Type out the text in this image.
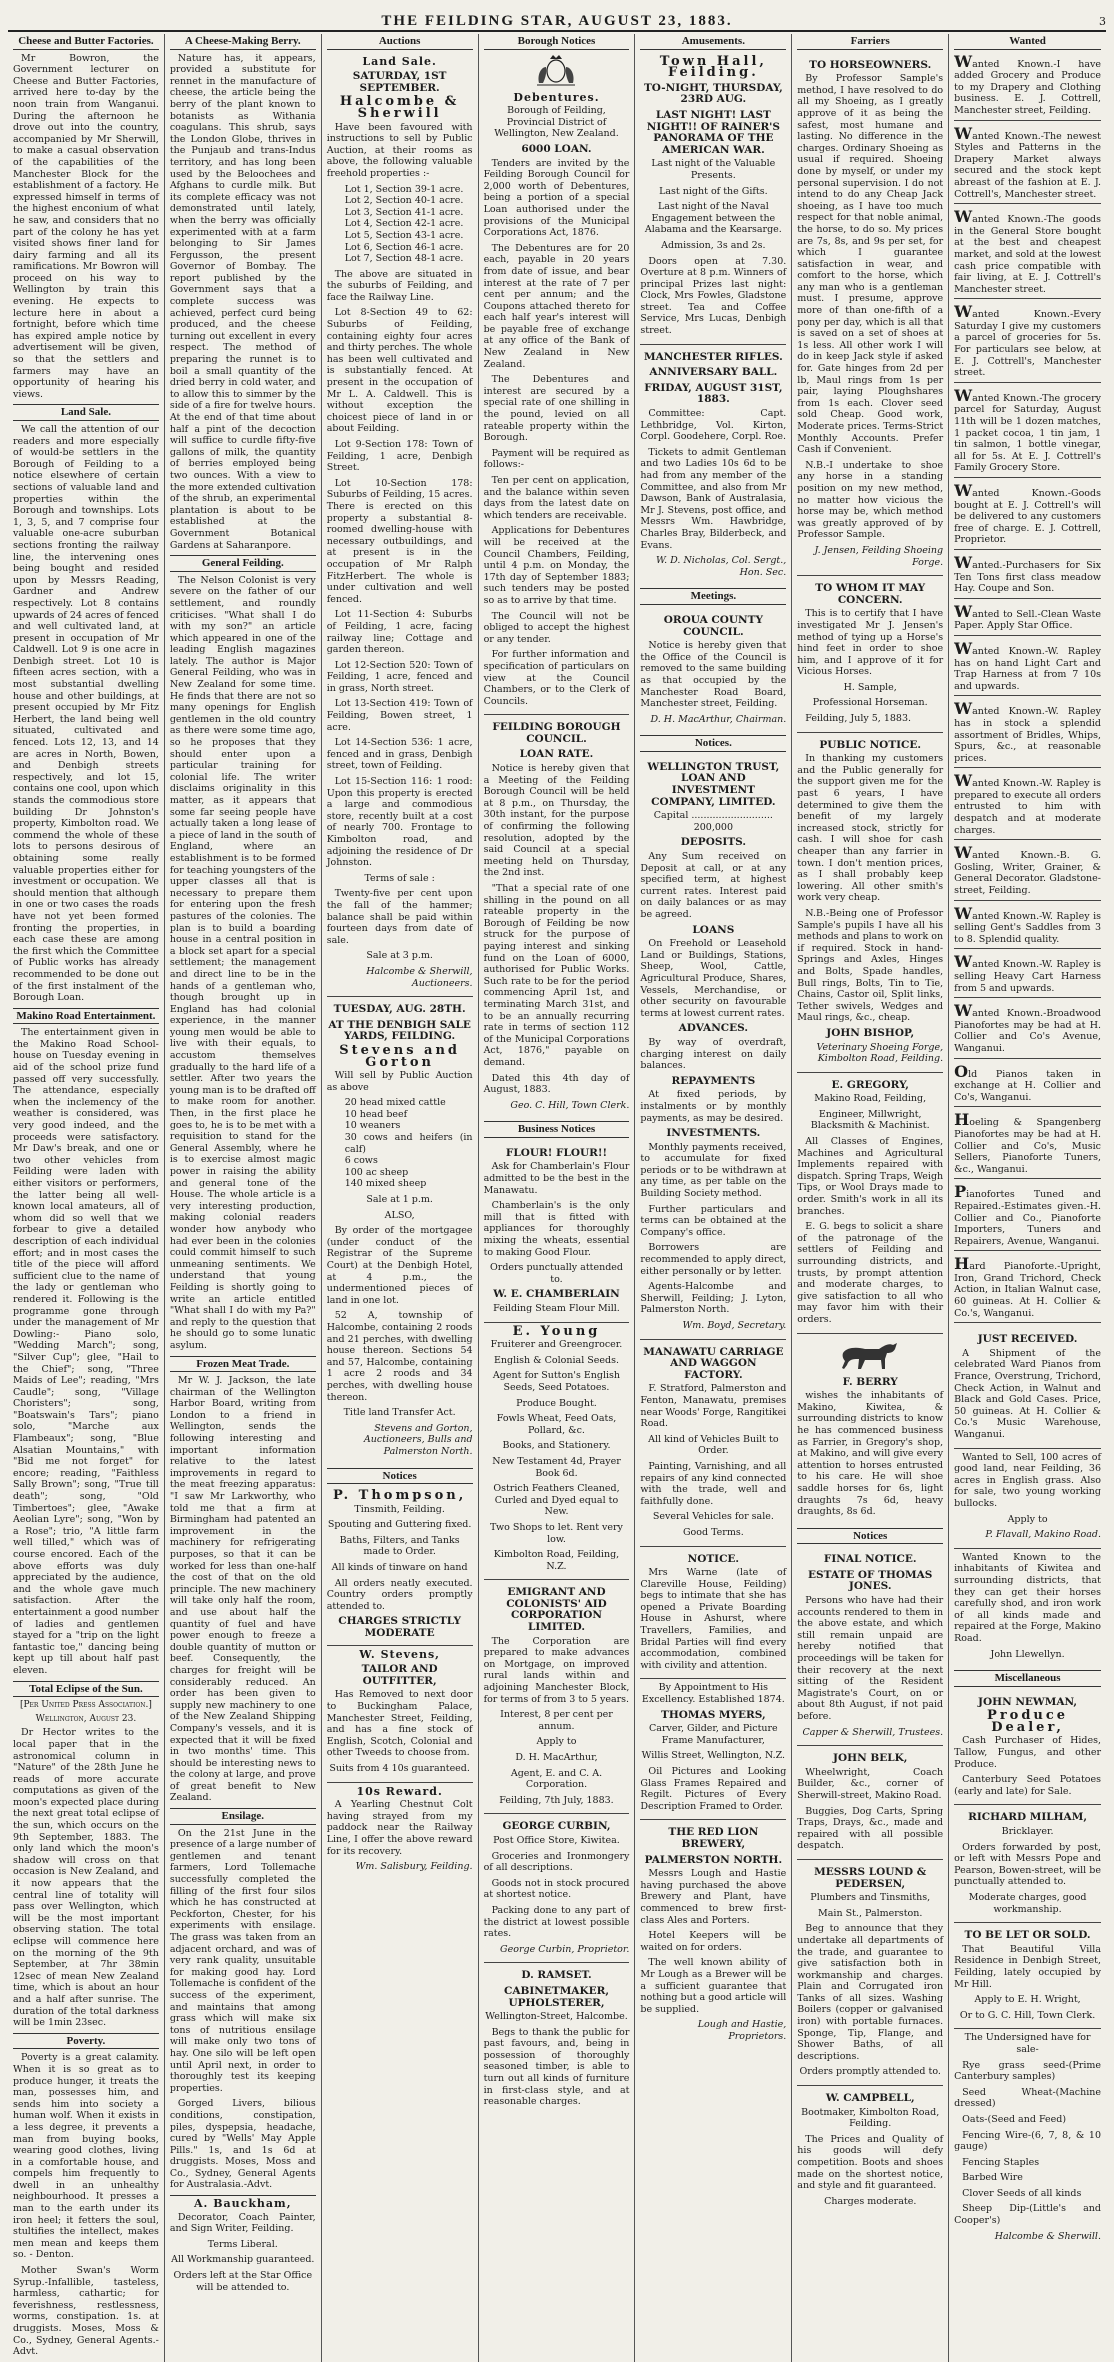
THE FEILDING STAR, AUGUST 23, 1883.	3
Cheese and Butter Factories.

Mr Bowron, the Government lecturer on Cheese and Butter Factories, arrived here to-day by the noon train from Wanganui. During the afternoon he drove out into the country, accompanied by Mr Sherwill, to make a casual observation of the capabilities of the Manchester Block for the establishment of a factory. He expressed himself in terms of the highest enconium of what he saw, and considers that no part of the colony he has yet visited shows finer land for dairy farming and all its ramifications. Mr Bowron will proceed on his way to Wellington by train this evening. He expects to lecture here in about a fortnight, before which time has expired ample notice by advertisement will be given, so that the settlers and farmers may have an opportunity of hearing his views.

Land Sale.

We call the attention of our readers and more especially of would-be settlers in the Borough of Feilding to a notice elsewhere of certain sections of valuable land and properties within the Borough and townships. Lots 1, 3, 5, and 7 comprise four valuable one-acre suburban sections fronting the railway line, the intervening ones being bought and resided upon by Messrs Reading, Gardner and Andrew respectively. Lot 8 contains upwards of 24 acres of fenced and well cultivated land, at present in occupation of Mr Caldwell. Lot 9 is one acre in Denbigh street. Lot 10 is fifteen acres section, with a most substantial dwelling house and other buildings, at present occupied by Mr Fitz Herbert, the land being well situated, cultivated and fenced. Lots 12, 13, and 14 are acres in North, Bowen, and Denbigh streets respectively, and lot 15, contains one cool, upon which stands the commodious store building Dr Johnston's property, Kimbolton road. We commend the whole of these lots to persons desirous of obtaining some really valuable properties either for investment or occupation. We should mention that although in one or two cases the roads have not yet been formed fronting the properties, in each case these are among the first which the Committee of Public works has already recommended to be done out of the first instalment of the Borough Loan.

Makino Road Entertainment.

The entertainment given in the Makino Road School-house on Tuesday evening in aid of the school prize fund passed off very successfully. The attendance, especially when the inclemency of the weather is considered, was very good indeed, and the proceeds were satisfactory. Mr Daw's break, and one or two other vehicles from Feilding were laden with either visitors or performers, the latter being all well-known local amateurs, all of whom did so well that we forbear to give a detailed description of each individual effort; and in most cases the title of the piece will afford sufficient clue to the name of the lady or gentleman who rendered it. Following is the programme gone through under the management of Mr Dowling:- Piano solo, "Wedding March"; song, "Silver Cup"; glee, "Hail to the Chief"; song, "Three Maids of Lee"; reading, "Mrs Caudle"; song, "Village Choristers"; song, "Boatswain's Tars"; piano solo, "Marche aux Flambeaux"; song, "Blue Alsatian Mountains," with "Bid me not forget" for encore; reading, "Faithless Sally Brown"; song, "True till death"; song, "Old Timbertoes"; glee, "Awake Aeolian Lyre"; song, "Won by a Rose"; trio, "A little farm well tilled," which was of course encored. Each of the above efforts was duly appreciated by the audience, and the whole gave much satisfaction. After the entertainment a good number of ladies and gentlemen stayed for a "trip on the light fantastic toe," dancing being kept up till about half past eleven.

Total Eclipse of the Sun.
[Per United Press Association.]
Wellington, August 23.

Dr Hector writes to the local paper that in the astronomical column in "Nature" of the 28th June he reads of more accurate computations as given of the moon's expected place during the next great total eclipse of the sun, which occurs on the 9th September, 1883. The only land which the moon's shadow will cross on that occasion is New Zealand, and it now appears that the central line of totality will pass over Wellington, which will be the most important observing station. The total eclipse will commence here on the morning of the 9th September, at 7hr 38min 12sec of mean New Zealand time, which is about an hour and a half after sunrise. The duration of the total darkness will be 1min 23sec.

Poverty.

Poverty is a great calamity. When it is so great as to produce hunger, it treats the man, possesses him, and sends him into society a human wolf. When it exists in a less degree, it prevents a man from buying books, wearing good clothes, living in a comfortable house, and compels him frequently to dwell in an unhealthy neighbourhood. It presses a man to the earth under its iron heel; it fetters the soul, stultifies the intellect, makes men mean and keeps them so. - Denton.

Mother Swan's Worm Syrup.-Infallible, tasteless, harmless, cathartic; for feverishness, restlessness, worms, constipation. 1s. at druggists. Moses, Moss & Co., Sydney, General Agents.-Advt.

A Cheese-Making Berry.

Nature has, it appears, provided a substitute for rennet in the manufacture of cheese, the article being the berry of the plant known to botanists as Withania coagulans. This shrub, says the London Globe, thrives in the Punjaub and trans-Indus territory, and has long been used by the Beloochees and Afghans to curdle milk. But its complete efficacy was not demonstrated until lately, when the berry was officially experimented with at a farm belonging to Sir James Fergusson, the present Governor of Bombay. The report published by the Government says that a complete success was achieved, perfect curd being produced, and the cheese turning out excellent in every respect. The method of preparing the runnet is to boil a small quantity of the dried berry in cold water, and to allow this to simmer by the side of a fire for twelve hours. At the end of that time about half a pint of the decoction will suffice to curdle fifty-five gallons of milk, the quantity of berries employed being two ounces. With a view to the more extended cultivation of the shrub, an experimental plantation is about to be established at the Government Botanical Gardens at Saharanpore.

General Feilding.

The Nelson Colonist is very severe on the father of our settlement, and roundly criticises. "What shall I do with my son?" an article which appeared in one of the leading English magazines lately. The author is Major General Feilding, who was in New Zealand for some time. He finds that there are not so many openings for English gentlemen in the old country as there were some time ago, so he proposes that they should enter upon a particular training for colonial life. The writer disclaims originality in this matter, as it appears that some far seeing people have actually taken a long lease of a piece of land in the south of England, where an establishment is to be formed for teaching youngsters of the upper classes all that is necessary to prepare them for entering upon the fresh pastures of the colonies. The plan is to build a boarding house in a central position in a block set apart for a special settlement; the management and direct line to be in the hands of a gentleman who, though brought up in England has had colonial experience, in the manner young men would be able to live with their equals, to accustom themselves gradually to the hard life of a settler. After two years the young man is to be drafted off to make room for another. Then, in the first place he goes to, he is to be met with a requisition to stand for the General Assembly, where he is to exercise almost magic power in raising the ability and general tone of the House. The whole article is a very interesting production, making colonial readers wonder how anybody who had ever been in the colonies could commit himself to such unmeaning sentiments. We understand that young Feilding is shortly going to write an article entitled "What shall I do with my Pa?" and reply to the question that he should go to some lunatic asylum.

Frozen Meat Trade.

Mr W. J. Jackson, the late chairman of the Wellington Harbor Board, writing from London to a friend in Wellington, sends the following interesting and important information relative to the latest improvements in regard to the meat freezing apparatus: "I saw Mr Larkworthy, who told me that a firm at Birmingham had patented an improvement in the machinery for refrigerating purposes, so that it can be worked for less than one-half the cost of that on the old principle. The new machinery will take only half the room, and use about half the quantity of fuel and have power enough to freeze a double quantity of mutton or beef. Consequently, the charges for freight will be considerably reduced. An order has been given to supply new machinery to one of the New Zealand Shipping Company's vessels, and it is expected that it will be fixed in two months' time. This should be interesting news to the colony at large, and prove of great benefit to New Zealand.

Ensilage.

On the 21st June in the presence of a large number of gentlemen and tenant farmers, Lord Tollemache successfully completed the filling of the first four silos which he has constructed at Peckforton, Chester, for his experiments with ensilage. The grass was taken from an adjacent orchard, and was of very rank quality, unsuitable for making good hay. Lord Tollemache is confident of the success of the experiment, and maintains that among grass which will make six tons of nutritious ensilage will make only two tons of hay. One silo will be left open until April next, in order to thoroughly test its keeping properties.

Gorged Livers, bilious conditions, constipation, piles, dyspepsia, headache, cured by "Wells' May Apple Pills." 1s, and 1s 6d at druggists. Moses, Moss and Co., Sydney, General Agents for Australasia.-Advt.

A. Bauckham,

Decorator, Coach Painter, and Sign Writer, Feilding.

Terms Liberal.

All Workmanship guaranteed.

Orders left at the Star Office will be attended to.

Auctions
Land Sale.
SATURDAY, 1ST SEPTEMBER.
Halcombe & Sherwill

Have been favoured with instructions to sell by Public Auction, at their rooms as above, the following valuable freehold properties :-

Lot 1, Section 39-1 acre.
Lot 2, Section 40-1 acre.
Lot 3, Section 41-1 acre.
Lot 4, Section 42-1 acre.
Lot 5, Section 43-1 acre.
Lot 6, Section 46-1 acre.
Lot 7, Section 48-1 acre.

The above are situated in the suburbs of Feilding, and face the Railway Line.

Lot 8-Section 49 to 62: Suburbs of Feilding, containing eighty four acres and thirty perches. The whole has been well cultivated and is substantially fenced. At present in the occupation of Mr L. A. Caldwell. This is without exception the choicest piece of land in or about Feilding.

Lot 9-Section 178: Town of Feilding, 1 acre, Denbigh Street.

Lot 10-Section 178: Suburbs of Feilding, 15 acres. There is erected on this property a substantial 8-roomed dwelling-house with necessary outbuildings, and at present is in the occupation of Mr Ralph FitzHerbert. The whole is under cultivation and well fenced.

Lot 11-Section 4: Suburbs of Feilding, 1 acre, facing railway line; Cottage and garden thereon.

Lot 12-Section 520: Town of Feilding, 1 acre, fenced and in grass, North street.

Lot 13-Section 419: Town of Feilding, Bowen street, 1 acre.

Lot 14-Section 536: 1 acre, fenced and in grass, Denbigh street, town of Feilding.

Lot 15-Section 116: 1 rood: Upon this property is erected a large and commodious store, recently built at a cost of nearly 700. Frontage to Kimbolton road, and adjoining the residence of Dr Johnston.

Terms of sale :

Twenty-five per cent upon the fall of the hammer; balance shall be paid within fourteen days from date of sale.

Sale at 3 p.m.

Halcombe & Sherwill, Auctioneers.

TUESDAY, AUG. 28TH.
AT THE DENBIGH SALE YARDS, FEILDING.
Stevens and Gorton

Will sell by Public Auction as above

20 head mixed cattle
10 head beef
10 weaners
30 cows and heifers (in calf)
6 cows
100 ac sheep
140 mixed sheep

Sale at 1 p.m.

ALSO,

By order of the mortgagee (under conduct of the Registrar of the Supreme Court) at the Denbigh Hotel, at 4 p.m., the undermentioned pieces of land in one lot.

52 A, township of Halcombe, containing 2 roods and 21 perches, with dwelling house thereon. Sections 54 and 57, Halcombe, containing 1 acre 2 roods and 34 perches, with dwelling house thereon.

Title land Transfer Act.

Stevens and Gorton, Auctioneers, Bulls and Palmerston North.

Notices
P. Thompson,

Tinsmith, Feilding.

Spouting and Guttering fixed.

Baths, Filters, and Tanks made to Order.

All kinds of tinware on hand

All orders neatly executed. Country orders promptly attended to.

CHARGES STRICTLY MODERATE
W. Stevens,
TAILOR AND OUTFITTER,

Has Removed to next door to Buckingham Palace, Manchester Street, Feilding, and has a fine stock of English, Scotch, Colonial and other Tweeds to choose from.

Suits from 4 10s guaranteed.

10s Reward.

A Yearling Chestnut Colt having strayed from my paddock near the Railway Line, I offer the above reward for its recovery.

Wm. Salisbury, Feilding.

Borough Notices
Debentures.

Borough of Feilding, Provincial District of Wellington, New Zealand.

6000 LOAN.

Tenders are invited by the Feilding Borough Council for 2,000 worth of Debentures, being a portion of a special Loan authorised under the provisions of the Municipal Corporations Act, 1876.

The Debentures are for 20 each, payable in 20 years from date of issue, and bear interest at the rate of 7 per cent per annum; and the Coupons attached thereto for each half year's interest will be payable free of exchange at any office of the Bank of New Zealand in New Zealand.

The Debentures and interest are secured by a special rate of one shilling in the pound, levied on all rateable property within the Borough.

Payment will be required as follows:-

Ten per cent on application, and the balance within seven days from the latest date on which tenders are receivable.

Applications for Debentures will be received at the Council Chambers, Feilding, until 4 p.m. on Monday, the 17th day of September 1883; such tenders may be posted so as to arrive by that time.

The Council will not be obliged to accept the highest or any tender.

For further information and specification of particulars on view at the Council Chambers, or to the Clerk of Councils.

FEILDING BOROUGH COUNCIL.
LOAN RATE.

Notice is hereby given that a Meeting of the Feilding Borough Council will be held at 8 p.m., on Thursday, the 30th instant, for the purpose of confirming the following resolution, adopted by the said Council at a special meeting held on Thursday, the 2nd inst.

"That a special rate of one shilling in the pound on all rateable property in the Borough of Feilding be now struck for the purpose of paying interest and sinking fund on the Loan of 6000, authorised for Public Works. Such rate to be for the period commencing April 1st, and terminating March 31st, and to be an annually recurring rate in terms of section 112 of the Municipal Corporations Act, 1876," payable on demand.

Dated this 4th day of August, 1883.

Geo. C. Hill, Town Clerk.

Business Notices
FLOUR! FLOUR!!

Ask for Chamberlain's Flour admitted to be the best in the Manawatu.

Chamberlain's is the only mill that is fitted with appliances for thoroughly mixing the wheats, essential to making Good Flour.

Orders punctually attended to.

W. E. CHAMBERLAIN

Feilding Steam Flour Mill.

E. Young

Fruiterer and Greengrocer.

English & Colonial Seeds.

Agent for Sutton's English Seeds, Seed Potatoes.

Produce Bought.

Fowls Wheat, Feed Oats, Pollard, &c.

Books, and Stationery.

New Testament 4d, Prayer Book 6d.

Ostrich Feathers Cleaned, Curled and Dyed equal to New.

Two Shops to let. Rent very low.

Kimbolton Road, Feilding, N.Z.

EMIGRANT AND COLONISTS' AID CORPORATION LIMITED.

The Corporation are prepared to make advances on Mortgage, on improved rural lands within and adjoining Manchester Block, for terms of from 3 to 5 years.

Interest, 8 per cent per annum.

Apply to

D. H. MacArthur,

Agent, E. and C. A. Corporation.

Feilding, 7th July, 1883.

GEORGE CURBIN,

Post Office Store, Kiwitea.

Groceries and Ironmongery of all descriptions.

Goods not in stock procured at shortest notice.

Packing done to any part of the district at lowest possible rates.

George Curbin, Proprietor.

D. RAMSET.
CABINETMAKER, UPHOLSTERER,

Wellington-Street, Halcombe.

Begs to thank the public for past favours, and, being in possession of thoroughly seasoned timber, is able to turn out all kinds of furniture in first-class style, and at reasonable charges.

Amusements.
Town Hall, Feilding.
TO-NIGHT, THURSDAY, 23RD AUG.
LAST NIGHT! LAST NIGHT!! OF RAINER'S PANORAMA OF THE AMERICAN WAR.

Last night of the Valuable Presents.

Last night of the Gifts.

Last night of the Naval Engagement between the Alabama and the Kearsarge.

Admission, 3s and 2s.

Doors open at 7.30. Overture at 8 p.m. Winners of principal Prizes last night: Clock, Mrs Fowles, Gladstone street. Tea and Coffee Service, Mrs Lucas, Denbigh street.

MANCHESTER RIFLES.
ANNIVERSARY BALL.
FRIDAY, AUGUST 31ST, 1883.

Committee: Capt. Lethbridge, Vol. Kirton, Corpl. Goodehere, Corpl. Roe.

Tickets to admit Gentleman and two Ladies 10s 6d to be had from any member of the Committee, and also from Mr Dawson, Bank of Australasia, Mr J. Stevens, post office, and Messrs Wm. Hawbridge, Charles Bray, Bilderbeck, and Evans.

W. D. Nicholas, Col. Sergt., Hon. Sec.

Meetings.
OROUA COUNTY COUNCIL.

Notice is hereby given that the Office of the Council is removed to the same building as that occupied by the Manchester Road Board, Manchester street, Feilding.

D. H. MacArthur, Chairman.

Notices.
WELLINGTON TRUST, LOAN AND INVESTMENT COMPANY, LIMITED.

Capital ........................... 200,000

DEPOSITS.

Any Sum received on Deposit at call, or at any specified term, at highest current rates. Interest paid on daily balances or as may be agreed.

LOANS

On Freehold or Leasehold Land or Buildings, Stations, Sheep, Wool, Cattle, Agricultural Produce, Shares, Vessels, Merchandise, or other security on favourable terms at lowest current rates.

ADVANCES.

By way of overdraft, charging interest on daily balances.

REPAYMENTS

At fixed periods, by instalments or by monthly payments, as may be desired.

INVESTMENTS.

Monthly payments received, to accumulate for fixed periods or to be withdrawn at any time, as per table on the Building Society method.

Further particulars and terms can be obtained at the Company's office.

Borrowers are recommended to apply direct, either personally or by letter.

Agents-Halcombe and Sherwill, Feilding; J. Lyton, Palmerston North.

Wm. Boyd, Secretary.

MANAWATU CARRIAGE AND WAGGON FACTORY.

F. Stratford, Palmerston and Fenton, Manawatu, premises near Woods' Forge, Rangitikei Road.

All kind of Vehicles Built to Order.

Painting, Varnishing, and all repairs of any kind connected with the trade, well and faithfully done.

Several Vehicles for sale.

Good Terms.

NOTICE.

Mrs Warne (late of Clareville House, Feilding) begs to intimate that she has opened a Private Boarding House in Ashurst, where Travellers, Families, and Bridal Parties will find every accommodation, combined with civility and attention.

By Appointment to His Excellency. Established 1874.

THOMAS MYERS,

Carver, Gilder, and Picture Frame Manufacturer,

Willis Street, Wellington, N.Z.

Oil Pictures and Looking Glass Frames Repaired and Regilt. Pictures of Every Description Framed to Order.

THE RED LION BREWERY,
PALMERSTON NORTH.

Messrs Lough and Hastie having purchased the above Brewery and Plant, have commenced to brew first-class Ales and Porters.

Hotel Keepers will be waited on for orders.

The well known ability of Mr Lough as a Brewer will be a sufficient guarantee that nothing but a good article will be supplied.

Lough and Hastie, Proprietors.

Farriers
TO HORSEOWNERS.

By Professor Sample's method, I have resolved to do all my Shoeing, as I greatly approve of it as being the safest, most humane and lasting. No difference in the charges. Ordinary Shoeing as usual if required. Shoeing done by myself, or under my personal supervision. I do not intend to do any Cheap Jack shoeing, as I have too much respect for that noble animal, the horse, to do so. My prices are 7s, 8s, and 9s per set, for which I guarantee satisfaction in wear, and comfort to the horse, which any man who is a gentleman must. I presume, approve more of than one-fifth of a pony per day, which is all that is saved on a set of shoes at 1s less. All other work I will do in keep Jack style if asked for. Gate hinges from 2d per lb, Maul rings from 1s per pair, laying Ploughshares from 1s each. Clover seed sold Cheap. Good work, Moderate prices. Terms-Strict Monthly Accounts. Prefer Cash if Convenient.

N.B.-I undertake to shoe any horse in a standing position on my new method, no matter how vicious the horse may be, which method was greatly approved of by Professor Sample.

J. Jensen, Feilding Shoeing Forge.

TO WHOM IT MAY CONCERN.

This is to certify that I have investigated Mr J. Jensen's method of tying up a Horse's hind feet in order to shoe him, and I approve of it for Vicious Horses.

H. Sample,

Professional Horseman.

Feilding, July 5, 1883.

PUBLIC NOTICE.

In thanking my customers and the Public generally for the support given me for the past 6 years, I have determined to give them the benefit of my largely increased stock, strictly for cash. I will shoe for cash cheaper than any farrier in town. I don't mention prices, as I shall probably keep lowering. All other smith's work very cheap.

N.B.-Being one of Professor Sample's pupils I have all his methods and plans to work on if required. Stock in hand-Springs and Axles, Hinges and Bolts, Spade handles, Bull rings, Bolts, Tin to Tie, Chains, Castor oil, Split links, Tether swivels, Wedges and Maul rings, &c., cheap.

JOHN BISHOP,

Veterinary Shoeing Forge, Kimbolton Road, Feilding.

E. GREGORY,

Makino Road, Feilding,

Engineer, Millwright, Blacksmith & Machinist.

All Classes of Engines, Machines and Agricultural Implements repaired with dispatch. Spring Traps, Weigh Tips, or Wool Drays made to order. Smith's work in all its branches.

E. G. begs to solicit a share of the patronage of the settlers of Feilding and surrounding districts, and trusts, by prompt attention and moderate charges, to give satisfaction to all who may favor him with their orders.

F. BERRY

wishes the inhabitants of Makino, Kiwitea, & surrounding districts to know he has commenced business as Farrier, in Gregory's shop, at Makino, and will give every attention to horses entrusted to his care. He will shoe saddle horses for 6s, light draughts 7s 6d, heavy draughts, 8s 6d.

Notices
FINAL NOTICE.
ESTATE OF THOMAS JONES.

Persons who have had their accounts rendered to them in the above estate, and which still remain unpaid are hereby notified that proceedings will be taken for their recovery at the next sitting of the Resident Magistrate's Court, on or about 8th August, if not paid before.

Capper & Sherwill, Trustees.

JOHN BELK,

Wheelwright, Coach Builder, &c., corner of Sherwill-street, Makino Road.

Buggies, Dog Carts, Spring Traps, Drays, &c., made and repaired with all possible despatch.

MESSRS LOUND & PEDERSEN,

Plumbers and Tinsmiths,

Main St., Palmerston.

Beg to announce that they undertake all departments of the trade, and guarantee to give satisfaction both in workmanship and charges. Plain and Corrugated iron Tanks of all sizes. Washing Boilers (copper or galvanised iron) with portable furnaces. Sponge, Tip, Flange, and Shower Baths, of all descriptions.

Orders promptly attended to.

W. CAMPBELL,

Bootmaker, Kimbolton Road, Feilding.

The Prices and Quality of his goods will defy competition. Boots and shoes made on the shortest notice, and style and fit guaranteed.

Charges moderate.

Wanted

Wanted Known.-I have added Grocery and Produce to my Drapery and Clothing business. E. J. Cottrell, Manchester street, Feilding.

Wanted Known.-The newest Styles and Patterns in the Drapery Market always secured and the stock kept abreast of the fashion at E. J. Cottrell's, Manchester street.

Wanted Known.-The goods in the General Store bought at the best and cheapest market, and sold at the lowest cash price compatible with fair living, at E. J. Cottrell's Manchester street.

Wanted Known.-Every Saturday I give my customers a parcel of groceries for 5s. For particulars see below, at E. J. Cottrell's, Manchester street.

Wanted Known.-The grocery parcel for Saturday, August 11th will be 1 dozen matches, 1 packet cocoa, 1 tin jam, 1 tin salmon, 1 bottle vinegar, all for 5s. At E. J. Cottrell's Family Grocery Store.

Wanted Known.-Goods bought at E. J. Cottrell's will be delivered to any customers free of charge. E. J. Cottrell, Proprietor.

Wanted.-Purchasers for Six Ten Tons first class meadow Hay. Coupe and Son.

Wanted to Sell.-Clean Waste Paper. Apply Star Office.

Wanted Known.-W. Rapley has on hand Light Cart and Trap Harness at from 7 10s and upwards.

Wanted Known.-W. Rapley has in stock a splendid assortment of Bridles, Whips, Spurs, &c., at reasonable prices.

Wanted Known.-W. Rapley is prepared to execute all orders entrusted to him with despatch and at moderate charges.

Wanted Known.-B. G. Gosling, Writer, Grainer, & General Decorator. Gladstone-street, Feilding.

Wanted Known.-W. Rapley is selling Gent's Saddles from 3 to 8. Splendid quality.

Wanted Known.-W. Rapley is selling Heavy Cart Harness from 5 and upwards.

Wanted Known.-Broadwood Pianofortes may be had at H. Collier and Co's Avenue, Wanganui.

Old Pianos taken in exchange at H. Collier and Co's, Wanganui.

Hoeling & Spangenberg Pianofortes may be had at H. Collier and Co's, Music Sellers, Pianoforte Tuners, &c., Wanganui.

Pianofortes Tuned and Repaired.-Estimates given.-H. Collier and Co., Pianoforte Importers, Tuners and Repairers, Avenue, Wanganui.

Hard Pianoforte.-Upright, Iron, Grand Trichord, Check Action, in Italian Walnut case, 60 guineas. At H. Collier & Co.'s, Wanganui.

JUST RECEIVED.

A Shipment of the celebrated Ward Pianos from France, Overstrung, Trichord, Check Action, in Walnut and Black and Gold Cases. Price, 50 guineas. At H. Collier & Co.'s Music Warehouse, Wanganui.

Wanted to Sell, 100 acres of good land, near Feilding, 36 acres in English grass. Also for sale, two young working bullocks.

Apply to

P. Flavall, Makino Road.

Wanted Known to the inhabitants of Kiwitea and surrounding districts, that they can get their horses carefully shod, and iron work of all kinds made and repaired at the Forge, Makino Road.

John Llewellyn.

Miscellaneous
JOHN NEWMAN,
Produce Dealer,

Cash Purchaser of Hides, Tallow, Fungus, and other Produce.

Canterbury Seed Potatoes (early and late) for Sale.

RICHARD MILHAM,

Bricklayer.

Orders forwarded by post, or left with Messrs Pope and Pearson, Bowen-street, will be punctually attended to.

Moderate charges, good workmanship.

TO BE LET OR SOLD.

That Beautiful Villa Residence in Denbigh Street, Feilding, lately occupied by Mr Hill.

Apply to E. H. Wright,

Or to G. C. Hill, Town Clerk.

The Undersigned have for sale-

Rye grass seed-(Prime Canterbury samples)

Seed Wheat-(Machine dressed)

Oats-(Seed and Feed)

Fencing Wire-(6, 7, 8, & 10 gauge)

Fencing Staples

Barbed Wire

Clover Seeds of all kinds

Sheep Dip-(Little's and Cooper's)

Halcombe & Sherwill.
